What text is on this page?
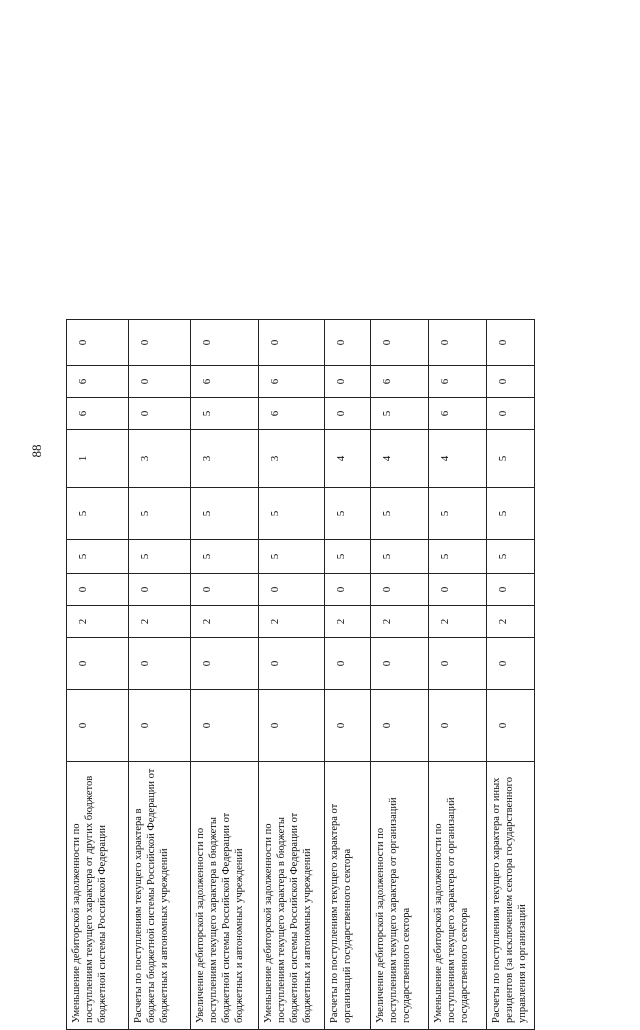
88
Уменьшение дебиторской задолженности по поступлениям текущего характера от других бюджетов бюджетной системы Российской Федерации	0	0	2	0	5	5	1	6	6	0
Расчеты по поступлениям текущего характера в бюджеты бюджетной системы Российской Федерации от бюджетных и автономных учреждений	0	0	2	0	5	5	3	0	0	0
Увеличение дебиторской задолженности по поступлениям текущего характера в бюджеты бюджетной системы Российской Федерации от бюджетных и автономных учреждений	0	0	2	0	5	5	3	5	6	0
Уменьшение дебиторской задолженности по поступлениям текущего характера в бюджеты бюджетной системы Российской Федерации от бюджетных и автономных учреждений	0	0	2	0	5	5	3	6	6	0
Расчеты по поступлениям текущего характера от организаций государственного сектора	0	0	2	0	5	5	4	0	0	0
Увеличение дебиторской задолженности по поступлениям текущего характера от организаций государственного сектора	0	0	2	0	5	5	4	5	6	0
Уменьшение дебиторской задолженности по поступлениям текущего характера от организаций государственного сектора	0	0	2	0	5	5	4	6	6	0
Расчеты по поступлениям текущего характера от иных резидентов (за исключением сектора государственного управления и организаций	0	0	2	0	5	5	5	0	0	0
